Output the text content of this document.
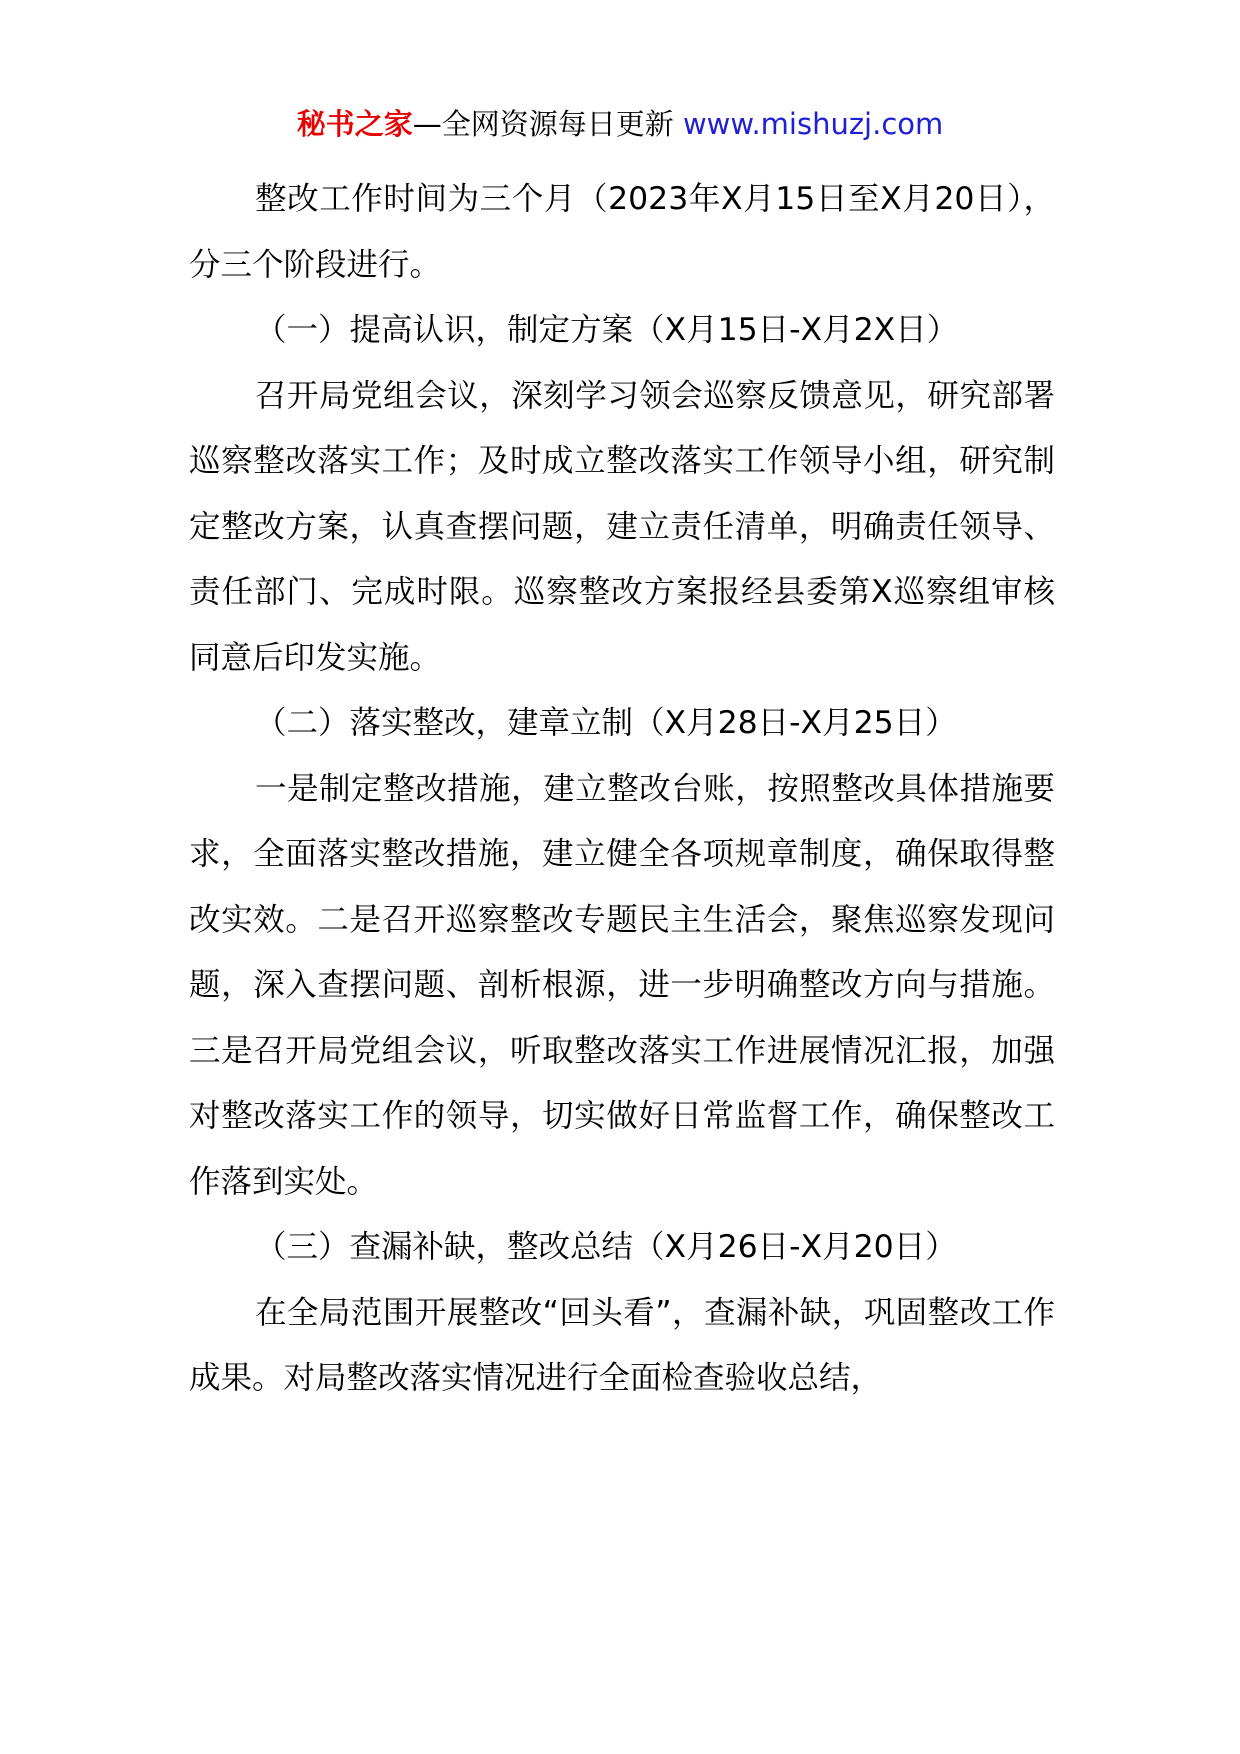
秘书之家—全网资源每日更新 www.mishuzj.com

整改工作时间为三个月（2023年X月15日至X月20日），分三个阶段进行。

（一）提高认识，制定方案（X月15日-X月2X日）

召开局党组会议，深刻学习领会巡察反馈意见，研究部署巡察整改落实工作；及时成立整改落实工作领导小组，研究制定整改方案，认真查摆问题，建立责任清单，明确责任领导、责任部门、完成时限。巡察整改方案报经县委第X巡察组审核同意后印发实施。

（二）落实整改，建章立制（X月28日-X月25日）

一是制定整改措施，建立整改台账，按照整改具体措施要求，全面落实整改措施，建立健全各项规章制度，确保取得整改实效。二是召开巡察整改专题民主生活会，聚焦巡察发现问题，深入查摆问题、剖析根源，进一步明确整改方向与措施。三是召开局党组会议，听取整改落实工作进展情况汇报，加强对整改落实工作的领导，切实做好日常监督工作，确保整改工作落到实处。

（三）查漏补缺，整改总结（X月26日-X月20日）

在全局范围开展整改“回头看”，查漏补缺，巩固整改工作成果。对局整改落实情况进行全面检查验收总结，
